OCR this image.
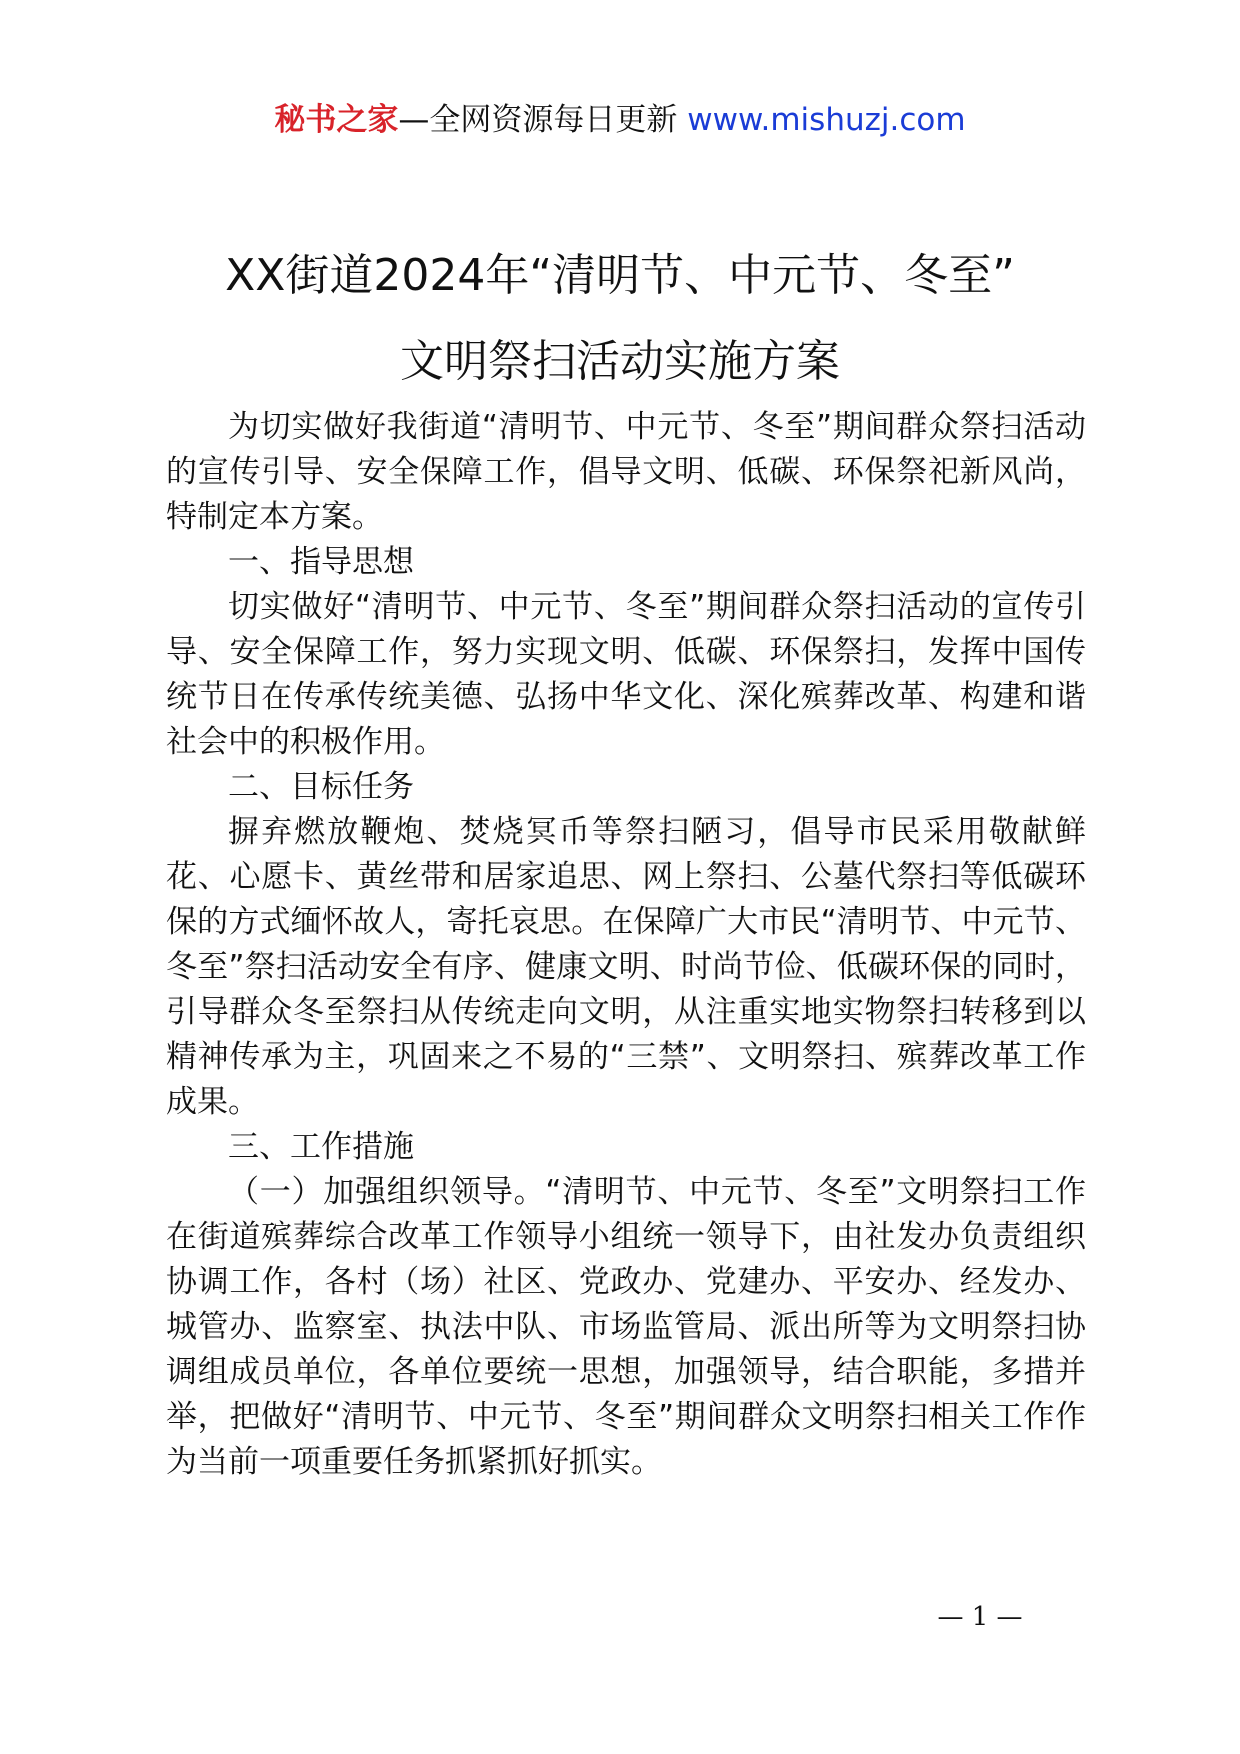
秘书之家—全网资源每日更新 www.mishuzj.com
XX街道2024年“清明节、中元节、冬至”
文明祭扫活动实施方案

为切实做好我街道“清明节、中元节、冬至”期间群众祭扫活动的宣传引导、安全保障工作，倡导文明、低碳、环保祭祀新风尚，特制定本方案。

一、指导思想

切实做好“清明节、中元节、冬至”期间群众祭扫活动的宣传引导、安全保障工作，努力实现文明、低碳、环保祭扫，发挥中国传统节日在传承传统美德、弘扬中华文化、深化殡葬改革、构建和谐社会中的积极作用。

二、目标任务

摒弃燃放鞭炮、焚烧冥币等祭扫陋习，倡导市民采用敬献鲜花、心愿卡、黄丝带和居家追思、网上祭扫、公墓代祭扫等低碳环保的方式缅怀故人，寄托哀思。在保障广大市民“清明节、中元节、冬至”祭扫活动安全有序、健康文明、时尚节俭、低碳环保的同时，引导群众冬至祭扫从传统走向文明，从注重实地实物祭扫转移到以精神传承为主，巩固来之不易的“三禁”、文明祭扫、殡葬改革工作成果。

三、工作措施

（一）加强组织领导。“清明节、中元节、冬至”文明祭扫工作在街道殡葬综合改革工作领导小组统一领导下，由社发办负责组织协调工作，各村（场）社区、党政办、党建办、平安办、经发办、城管办、监察室、执法中队、市场监管局、派出所等为文明祭扫协调组成员单位，各单位要统一思想，加强领导，结合职能，多措并举，把做好“清明节、中元节、冬至”期间群众文明祭扫相关工作作为当前一项重要任务抓紧抓好抓实。

— 1 —
